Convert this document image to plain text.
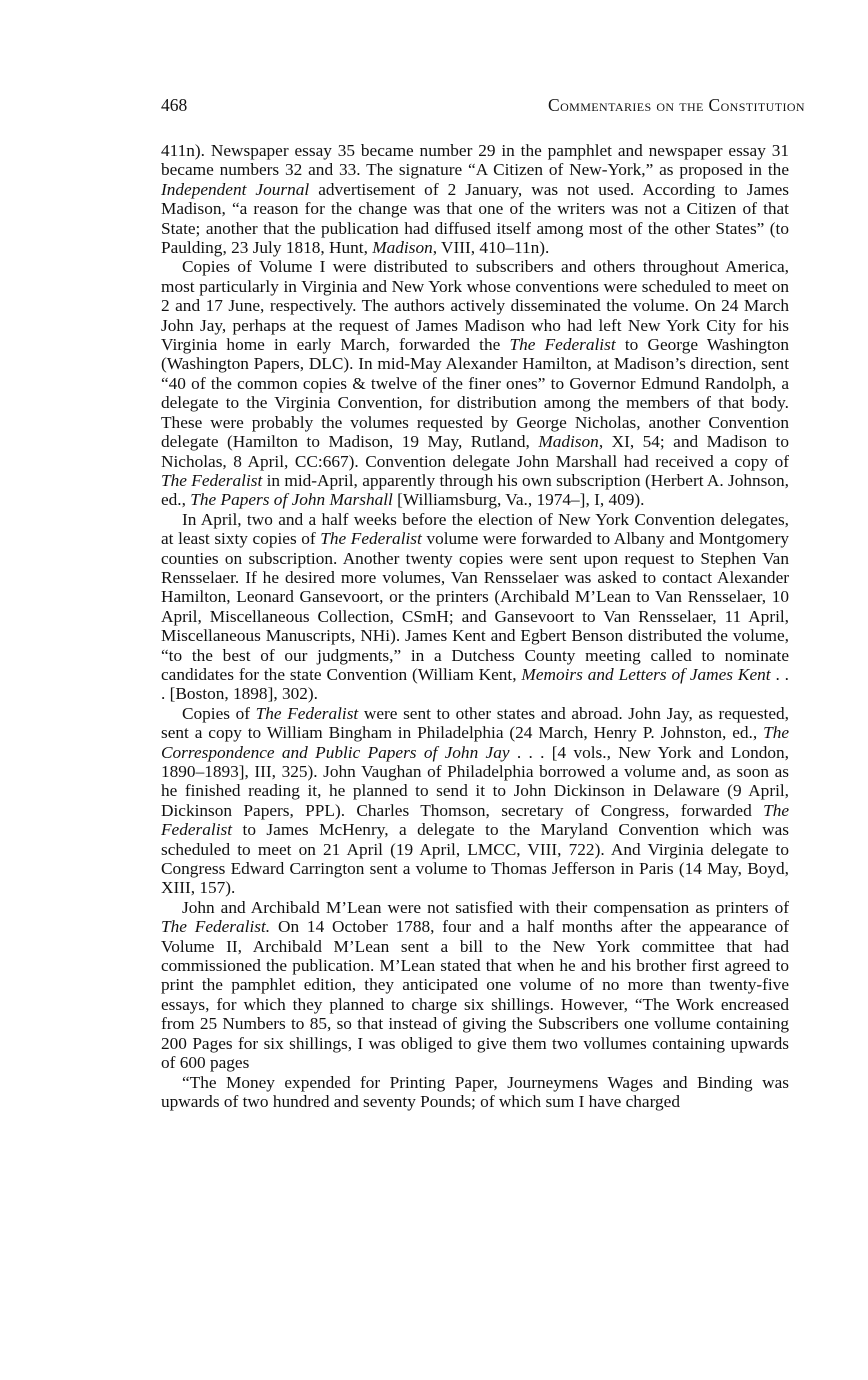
468	Commentaries on the Constitution

411n). Newspaper essay 35 became number 29 in the pamphlet and newspaper essay 31 became numbers 32 and 33. The signature “A Citizen of New-York,” as proposed in the Independent Journal advertisement of 2 January, was not used. According to James Madison, “a reason for the change was that one of the writers was not a Citizen of that State; another that the publication had diffused itself among most of the other States” (to Paulding, 23 July 1818, Hunt, Madison, VIII, 410–11n).

Copies of Volume I were distributed to subscribers and others throughout America, most particularly in Virginia and New York whose conventions were scheduled to meet on 2 and 17 June, respectively. The authors actively disseminated the volume. On 24 March John Jay, perhaps at the request of James Madison who had left New York City for his Virginia home in early March, forwarded the The Federalist to George Washington (Washington Papers, DLC). In mid-May Alexander Hamilton, at Madison’s direction, sent “40 of the common copies & twelve of the finer ones” to Governor Edmund Randolph, a delegate to the Virginia Convention, for distribution among the members of that body. These were probably the volumes requested by George Nicholas, another Convention delegate (Hamilton to Madison, 19 May, Rutland, Madison, XI, 54; and Madison to Nicholas, 8 April, CC:667). Convention delegate John Marshall had received a copy of The Federalist in mid-April, apparently through his own subscription (Herbert A. Johnson, ed., The Papers of John Marshall [Williamsburg, Va., 1974–], I, 409).

In April, two and a half weeks before the election of New York Convention delegates, at least sixty copies of The Federalist volume were forwarded to Albany and Montgomery counties on subscription. Another twenty copies were sent upon request to Stephen Van Rensselaer. If he desired more volumes, Van Rensselaer was asked to contact Alexander Hamilton, Leonard Gansevoort, or the printers (Archibald M’Lean to Van Rensselaer, 10 April, Miscellaneous Collection, CSmH; and Gansevoort to Van Rensselaer, 11 April, Miscellaneous Manuscripts, NHi). James Kent and Egbert Benson distributed the volume, “to the best of our judgments,” in a Dutchess County meeting called to nominate candidates for the state Convention (William Kent, Memoirs and Letters of James Kent . . . [Boston, 1898], 302).

Copies of The Federalist were sent to other states and abroad. John Jay, as requested, sent a copy to William Bingham in Philadelphia (24 March, Henry P. Johnston, ed., The Correspondence and Public Papers of John Jay . . . [4 vols., New York and London, 1890–1893], III, 325). John Vaughan of Philadelphia borrowed a volume and, as soon as he finished reading it, he planned to send it to John Dickinson in Delaware (9 April, Dickinson Papers, PPL). Charles Thomson, secretary of Congress, forwarded The Federalist to James McHenry, a delegate to the Maryland Convention which was scheduled to meet on 21 April (19 April, LMCC, VIII, 722). And Virginia delegate to Congress Edward Carrington sent a volume to Thomas Jefferson in Paris (14 May, Boyd, XIII, 157).

John and Archibald M’Lean were not satisfied with their compensation as printers of The Federalist. On 14 October 1788, four and a half months after the appearance of Volume II, Archibald M’Lean sent a bill to the New York committee that had commissioned the publication. M’Lean stated that when he and his brother first agreed to print the pamphlet edition, they anticipated one volume of no more than twenty-five essays, for which they planned to charge six shillings. However, “The Work encreased from 25 Numbers to 85, so that instead of giving the Subscribers one vollume containing 200 Pages for six shillings, I was obliged to give them two vollumes containing upwards of 600 pages

“The Money expended for Printing Paper, Journeymens Wages and Binding was upwards of two hundred and seventy Pounds; of which sum I have charged
